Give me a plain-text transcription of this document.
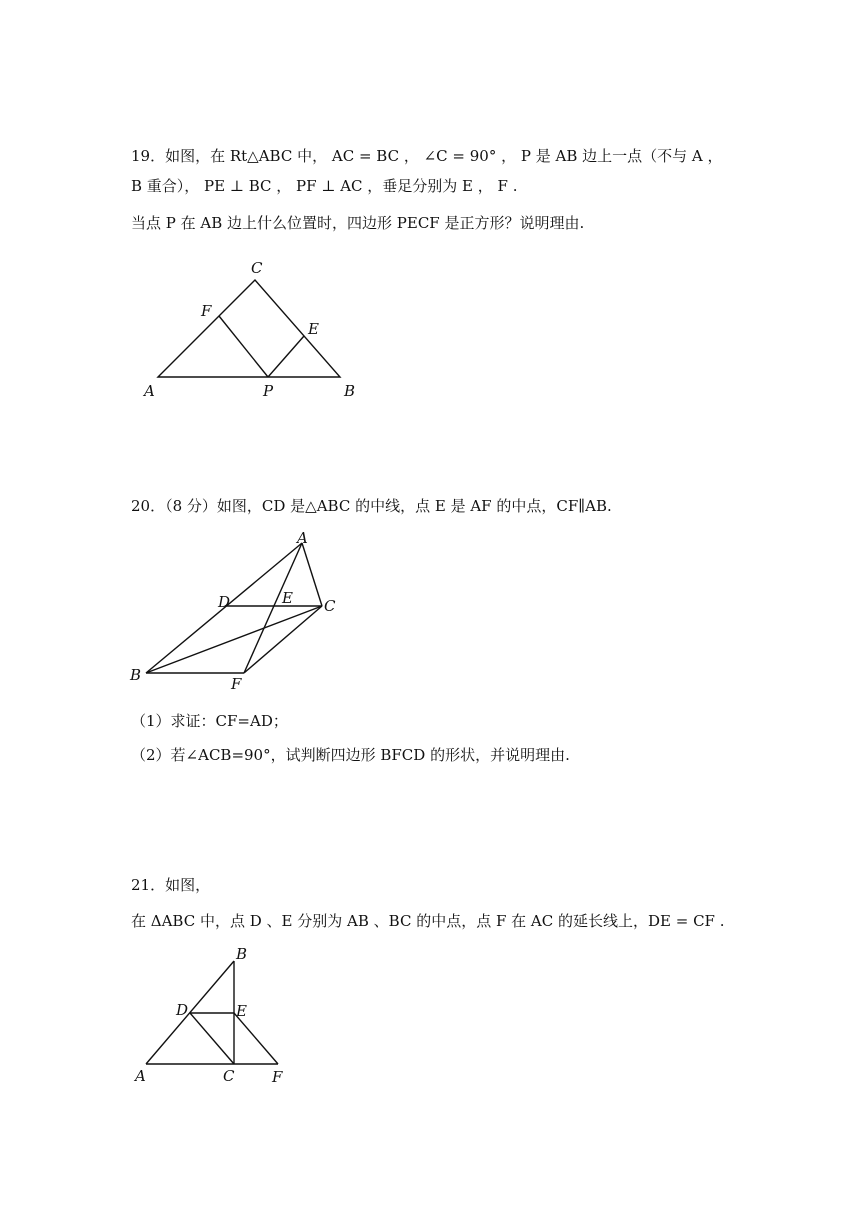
19．如图，在 Rt△ABC 中， AC = BC ， ∠C = 90° ， P 是 AB 边上一点（不与 A ，
B 重合）， PE ⊥ BC ， PF ⊥ AC ，垂足分别为 E ， F .
当点 P 在 AB 边上什么位置时，四边形 PECF 是正方形？说明理由.
C
F
E
A	P	B
20．（8 分）如图，CD 是△ABC 的中线，点 E 是 AF 的中点，CF∥AB.
A
D	E C
B	F
（1）求证：CF=AD；
（2）若∠ACB=90°，试判断四边形 BFCD 的形状，并说明理由.
21．如图，
在 ΔABC 中，点 D 、E 分别为 AB 、BC 的中点，点 F 在 AC 的延长线上，DE = CF .
B
D	E
A	C	F
